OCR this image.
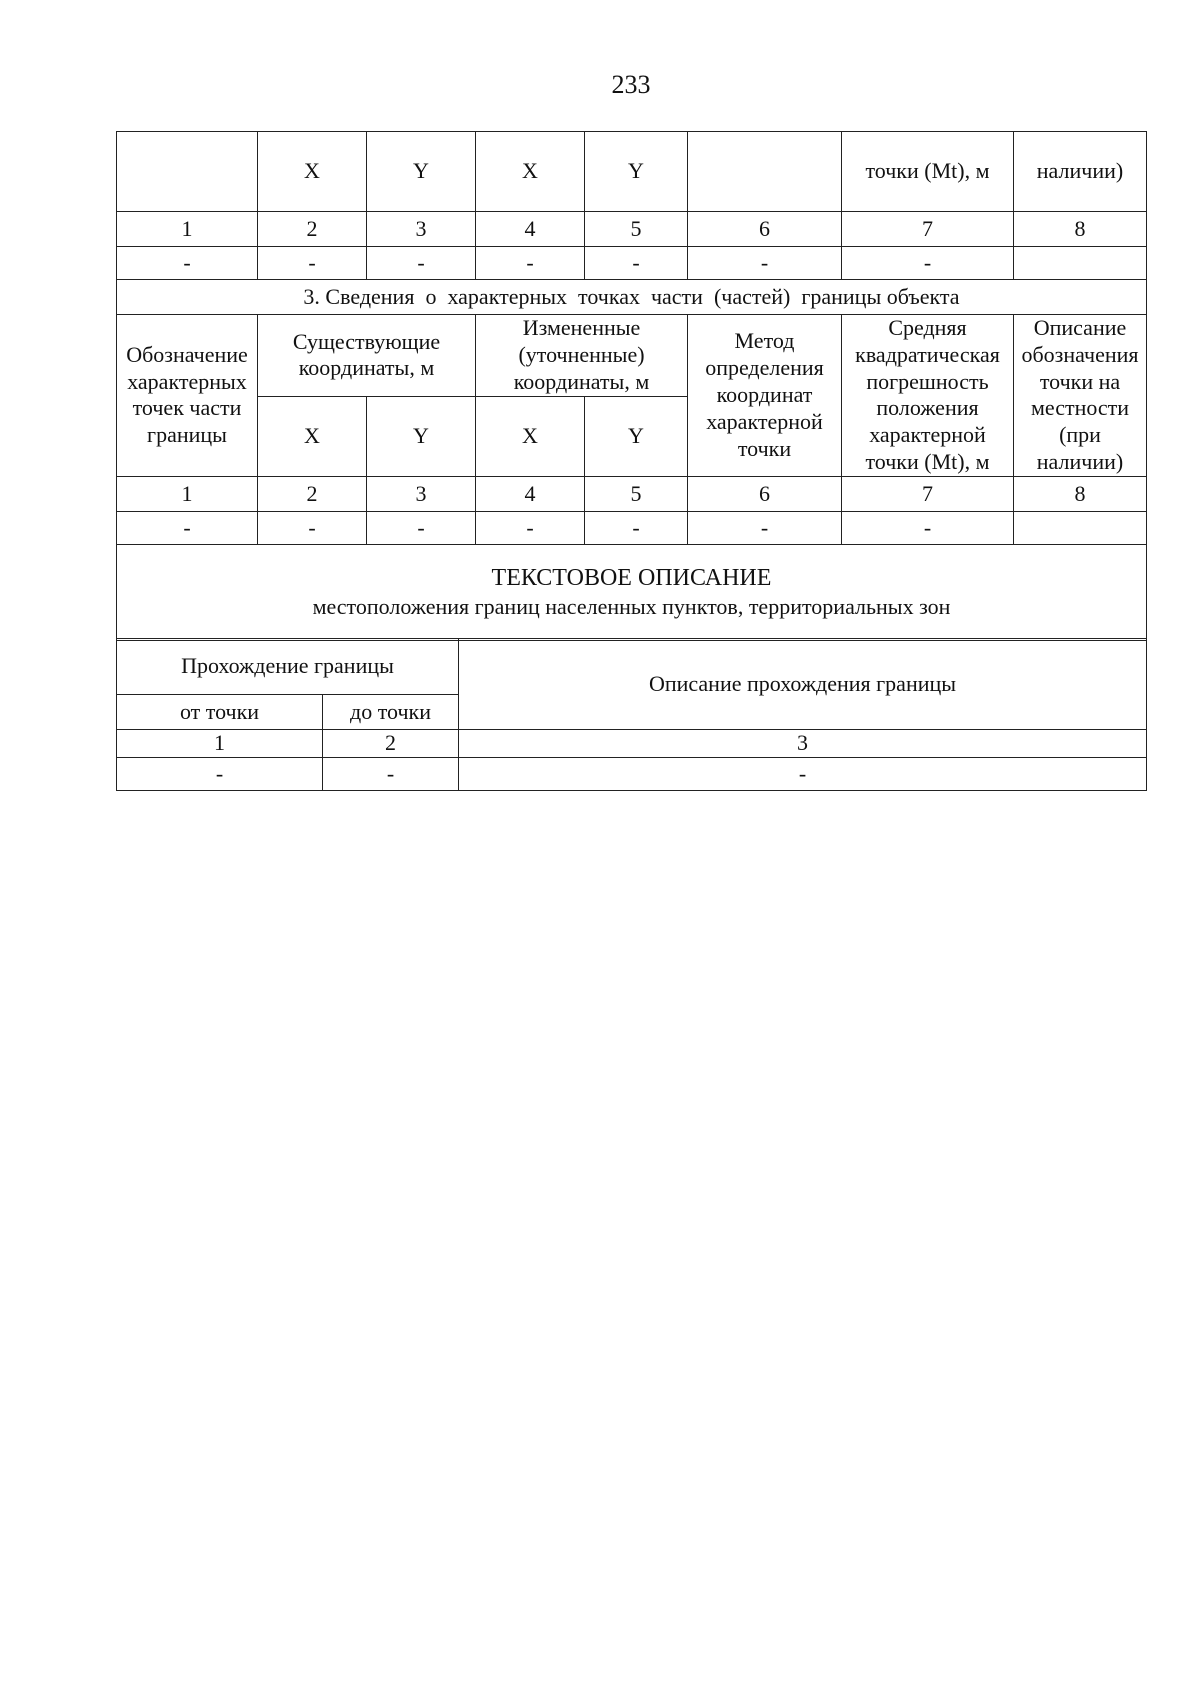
233
	X	Y	X	Y		точки (Mt), м	наличии)
1	2	3	4	5	6	7	8
-	-	-	-	-	-	-	
3. Сведения  о  характерных  точках  части  (частей)  границы объекта							
Обозначение характерных точек части границы	Существующие координаты, м		Измененные (уточненные) координаты, м		Метод определения координат характерной точки	Средняя квадратическая погрешность положения характерной точки (Mt), м	Описание обозначения точки на местности (при наличии)
	X	Y	X	Y			
1	2	3	4	5	6	7	8
-	-	-	-	-	-	-	

ТЕКСТОВОЕ ОПИСАНИЕ
местоположения границ населенных пунктов, территориальных зон							
Прохождение границы		Описание прохождения границы
от точки	до точки	
1	2	3
-	-	-
